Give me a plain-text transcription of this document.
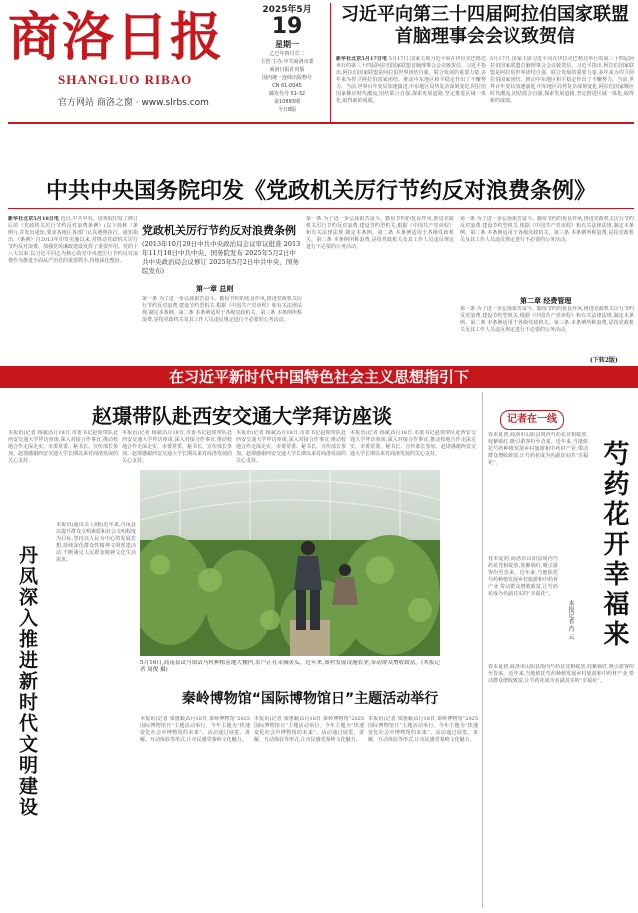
商洛日报
SHANGLUO RIBAO
官方网站 商洛之窗 · www.slrbs.com
2025年5月
19
星期一
乙巳年四月廿二
主管·主办:中共商洛市委
商洛日报社出版
国内统一连续出版物号
CN 61-0045
邮发代号 51-32
第10893期
今日8版
习近平向第三十四届阿拉伯国家联盟
首脑理事会会议致贺信
新华社北京5月17日电 5月17日,国家主席习近平向在伊拉克巴格达举行的第三十四届阿拉伯国家联盟首脑理事会会议致贺信。习近平指出,阿拉伯国家联盟是阿拉伯世界团结自强、联合发展的重要力量,多年来为捍卫阿拉伯国家团结、推动中东地区和平稳定作出了不懈努力。当前,世界百年变局加速演进,中东地区局势复杂深刻变化,阿拉伯国家顺应时代潮流,团结联合自强,探索发展道路,坚定推进区域一体化,取得新的成绩。
5月17日,国家主席习近平向在伊拉克巴格达举行的第三十四届阿拉伯国家联盟首脑理事会会议致贺信。习近平指出,阿拉伯国家联盟是阿拉伯世界团结自强、联合发展的重要力量,多年来为捍卫阿拉伯国家团结、推动中东地区和平稳定作出了不懈努力。当前,世界百年变局加速演进,中东地区局势复杂深刻变化,阿拉伯国家顺应时代潮流,团结联合自强,探索发展道路,坚定推进区域一体化,取得新的成绩。
中共中央国务院印发《党政机关厉行节约反对浪费条例》
新华社北京5月18日电 近日,中共中央、国务院印发了修订后的《党政机关厉行节约反对浪费条例》(以下简称《条例》),并发出通知,要求各地区各部门认真遵照执行。通知指出,《条例》自2013年印发实施以来,对推动党政机关厉行节约反对浪费、加强党风廉政建设发挥了重要作用。党的十八大以来,以习近平同志为核心的党中央把厉行节约反对浪费作为推进全面从严治党的重要抓手,持续深化整治。
党政机关厉行节约反对浪费条例
(2013年10月29日中共中央政治局会议审议批准 2013年11月18日中共中央、国务院发布 2025年5月2日中共中央政治局会议修订 2025年5月2日中共中央、国务院发布)
第一章 总则
第一条 为了进一步弘扬艰苦奋斗、勤俭节约的优良作风,推进党政机关厉行节约反对浪费,建设节约型机关,根据《中国共产党章程》和有关法律法规,制定本条例。第二条 本条例适用于各级党政机关。第三条 本条例所称浪费,是指党政机关及其工作人员违反规定进行不必要的公务活动。
第一条 为了进一步弘扬艰苦奋斗、勤俭节约的优良作风,推进党政机关厉行节约反对浪费,建设节约型机关,根据《中国共产党章程》和有关法律法规,制定本条例。第二条 本条例适用于各级党政机关。第三条 本条例所称浪费,是指党政机关及其工作人员违反规定进行不必要的公务活动。
第一条 为了进一步弘扬艰苦奋斗、勤俭节约的优良作风,推进党政机关厉行节约反对浪费,建设节约型机关,根据《中国共产党章程》和有关法律法规,制定本条例。第二条 本条例适用于各级党政机关。第三条 本条例所称浪费,是指党政机关及其工作人员违反规定进行不必要的公务活动。
第二章 经费管理
第一条 为了进一步弘扬艰苦奋斗、勤俭节约的优良作风,推进党政机关厉行节约反对浪费,建设节约型机关,根据《中国共产党章程》和有关法律法规,制定本条例。第二条 本条例适用于各级党政机关。第三条 本条例所称浪费,是指党政机关及其工作人员违反规定进行不必要的公务活动。
(下转2版)
在习近平新时代中国特色社会主义思想指引下
赵璟带队赴西安交通大学拜访座谈
本报讯(记者 杨斌)5月18日,市委书记赵璟带队赴西安交通大学拜访座谈,深入对接合作事宜,推动校地合作走深走实。市委常委、秘书长、宣传部长参加。赵璟感谢西安交通大学长期以来对商洛发展的关心支持。
本报讯(记者 杨斌)5月18日,市委书记赵璟带队赴西安交通大学拜访座谈,深入对接合作事宜,推动校地合作走深走实。市委常委、秘书长、宣传部长参加。赵璟感谢西安交通大学长期以来对商洛发展的关心支持。
本报讯(记者 杨斌)5月18日,市委书记赵璟带队赴西安交通大学拜访座谈,深入对接合作事宜,推动校地合作走深走实。市委常委、秘书长、宣传部长参加。赵璟感谢西安交通大学长期以来对商洛发展的关心支持。
本报讯(记者 杨斌)5月18日,市委书记赵璟带队赴西安交通大学拜访座谈,深入对接合作事宜,推动校地合作走深走实。市委常委、秘书长、宣传部长参加。赵璟感谢西安交通大学长期以来对商洛发展的关心支持。
丹凤深入推进新时代文明建设
本报讯(通讯员 闫刚)近年来,丹凤县以提升群众文明素质和社会文明程度为目标,坚持以人民为中心的发展思想,持续深化群众性精神文明创建活动,不断满足人民群众精神文化生活需求。
5月16日,商南县试马镇试马村种植基地大棚内,农户正在采摘黄瓜。近年来,该村发展设施农业,带动群众增收致富。(本报记者 周俊 摄)
秦岭博物馆“国际博物馆日”主题活动举行
本报讯(记者 梁惠颖)5月18日,秦岭博物馆“2025国际博物馆日”主题活动举行。今年主题为“快速变化社会中博物馆的未来”。活动通过展览、讲解、互动体验等形式,让市民感受秦岭文化魅力。
本报讯(记者 梁惠颖)5月18日,秦岭博物馆“2025国际博物馆日”主题活动举行。今年主题为“快速变化社会中博物馆的未来”。活动通过展览、讲解、互动体验等形式,让市民感受秦岭文化魅力。
本报讯(记者 梁惠颖)5月18日,秦岭博物馆“2025国际博物馆日”主题活动举行。今年主题为“快速变化社会中博物馆的未来”。活动通过展览、讲解、互动体验等形式,让市民感受秦岭文化魅力。
记者在一线
春末夏初,商洛市山阳县境内芍药花竞相绽放,姹紫嫣红,吸引游客纷至沓来。近年来,当地依托芍药种植发展乡村旅游和中药材产业,带动群众增收致富,让芍药花成为名副其实的“幸福花”。	芍药花开幸福来
本报记者 肖 云
春末夏初,商洛市山阳县境内芍药花竞相绽放,姹紫嫣红,吸引游客纷至沓来。近年来,当地依托芍药种植发展乡村旅游和中药材产业,带动群众增收致富,让芍药花成为名副其实的“幸福花”。
春末夏初,商洛市山阳县境内芍药花竞相绽放,姹紫嫣红,吸引游客纷至沓来。近年来,当地依托芍药种植发展乡村旅游和中药材产业,带动群众增收致富,让芍药花成为名副其实的“幸福花”。
